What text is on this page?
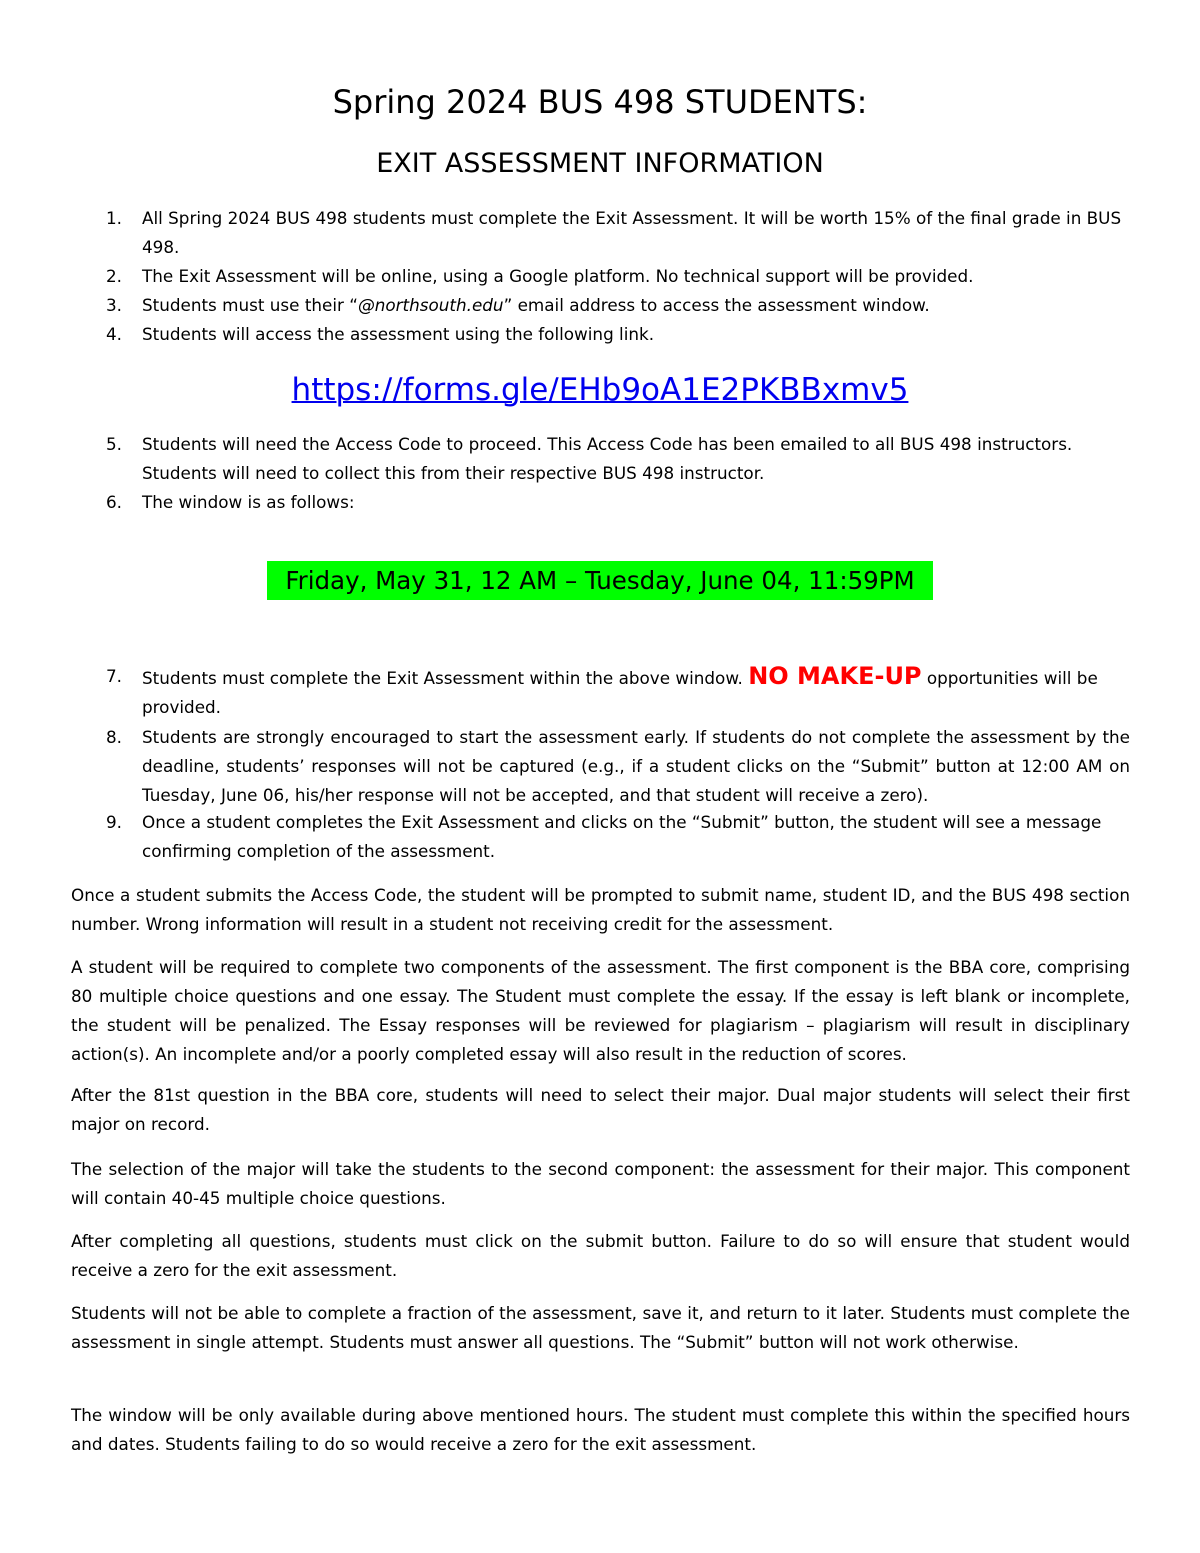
Spring 2024 BUS 498 STUDENTS:
EXIT ASSESSMENT INFORMATION
1.	All Spring 2024 BUS 498 students must complete the Exit Assessment. It will be worth 15% of the final grade in BUS 498.
2.	The Exit Assessment will be online, using a Google platform. No technical support will be provided.
3.	Students must use their “@northsouth.edu” email address to access the assessment window.
4.	Students will access the assessment using the following link.
https://forms.gle/EHb9oA1E2PKBBxmv5
5.	Students will need the Access Code to proceed. This Access Code has been emailed to all BUS 498 instructors. Students will need to collect this from their respective BUS 498 instructor.
6.	The window is as follows:
Friday, May 31, 12 AM – Tuesday, June 04, 11:59PM
7.	Students must complete the Exit Assessment within the above window. NO MAKE-UP opportunities will be provided.
8.	Students are strongly encouraged to start the assessment early. If students do not complete the assessment by the deadline, students’ responses will not be captured (e.g., if a student clicks on the “Submit” button at 12:00 AM on Tuesday, June 06, his/her response will not be accepted, and that student will receive a zero).
9.	Once a student completes the Exit Assessment and clicks on the “Submit” button, the student will see a message confirming completion of the assessment.

Once a student submits the Access Code, the student will be prompted to submit name, student ID, and the BUS 498 section number. Wrong information will result in a student not receiving credit for the assessment.

A student will be required to complete two components of the assessment. The first component is the BBA core, comprising 80 multiple choice questions and one essay. The Student must complete the essay. If the essay is left blank or incomplete, the student will be penalized. The Essay responses will be reviewed for plagiarism – plagiarism will result in disciplinary action(s). An incomplete and/or a poorly completed essay will also result in the reduction of scores.

After the 81st question in the BBA core, students will need to select their major. Dual major students will select their first major on record.

The selection of the major will take the students to the second component: the assessment for their major. This component will contain 40-45 multiple choice questions.

After completing all questions, students must click on the submit button. Failure to do so will ensure that student would receive a zero for the exit assessment.

Students will not be able to complete a fraction of the assessment, save it, and return to it later. Students must complete the assessment in single attempt. Students must answer all questions. The “Submit” button will not work otherwise.

The window will be only available during above mentioned hours. The student must complete this within the specified hours and dates. Students failing to do so would receive a zero for the exit assessment.
